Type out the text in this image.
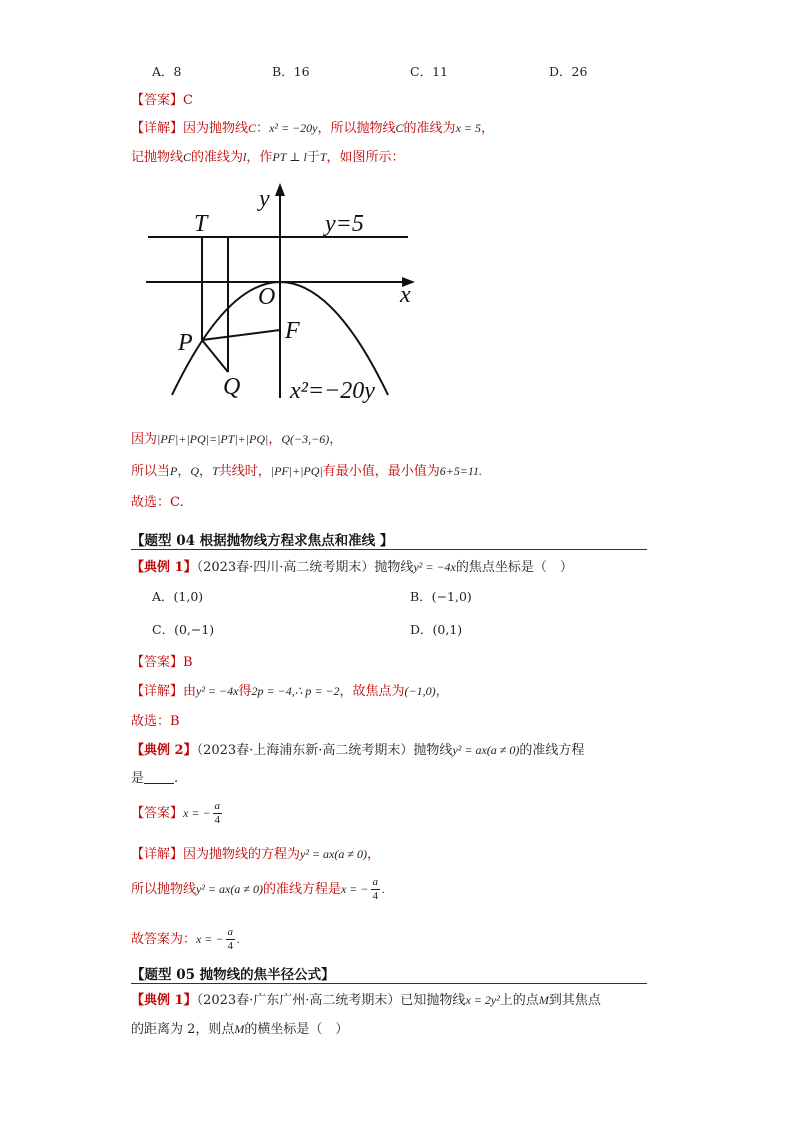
A．8	B．16	C．11	D．26
【答案】C
【详解】因为抛物线C：x² = −20y，所以抛物线C的准线为x = 5，
记抛物线C的准线为l，作PT ⊥ l于T，如图所示：
y
T	y=5
O	x
P	F
Q x²=−20y
因为|PF|+|PQ|=|PT|+|PQ|，Q(−3,−6)，
所以当P，Q，T共线时，|PF|+|PQ|有最小值，最小值为6+5=11.
故选：C.
【题型 04 根据抛物线方程求焦点和准线 】
【典例 1】（2023春·四川·高二统考期末）抛物线y² = −4x的焦点坐标是（　）
A．(1,0)	B．(−1,0)
C．(0,−1)	D．(0,1)
【答案】B
【详解】由y² = −4x得2p = −4,∴ p = −2，故焦点为(−1,0)，
故选：B
【典例 2】（2023春·上海浦东新·高二统考期末）抛物线y² = ax(a ≠ 0)的准线方程
是 .
【答案】x = − $\frac{a}{4}$
【详解】因为抛物线的方程为y² = ax(a ≠ 0)，
所以抛物线y² = ax(a ≠ 0)的准线方程是x = − $\frac{a}{4}$ .
故答案为：x = − $\frac{a}{4}$ .
【题型 05 抛物线的焦半径公式】
【典例 1】（2023春·广东广州·高二统考期末）已知抛物线x = 2y²上的点M到其焦点
的距离为 2，则点M的横坐标是（　）
